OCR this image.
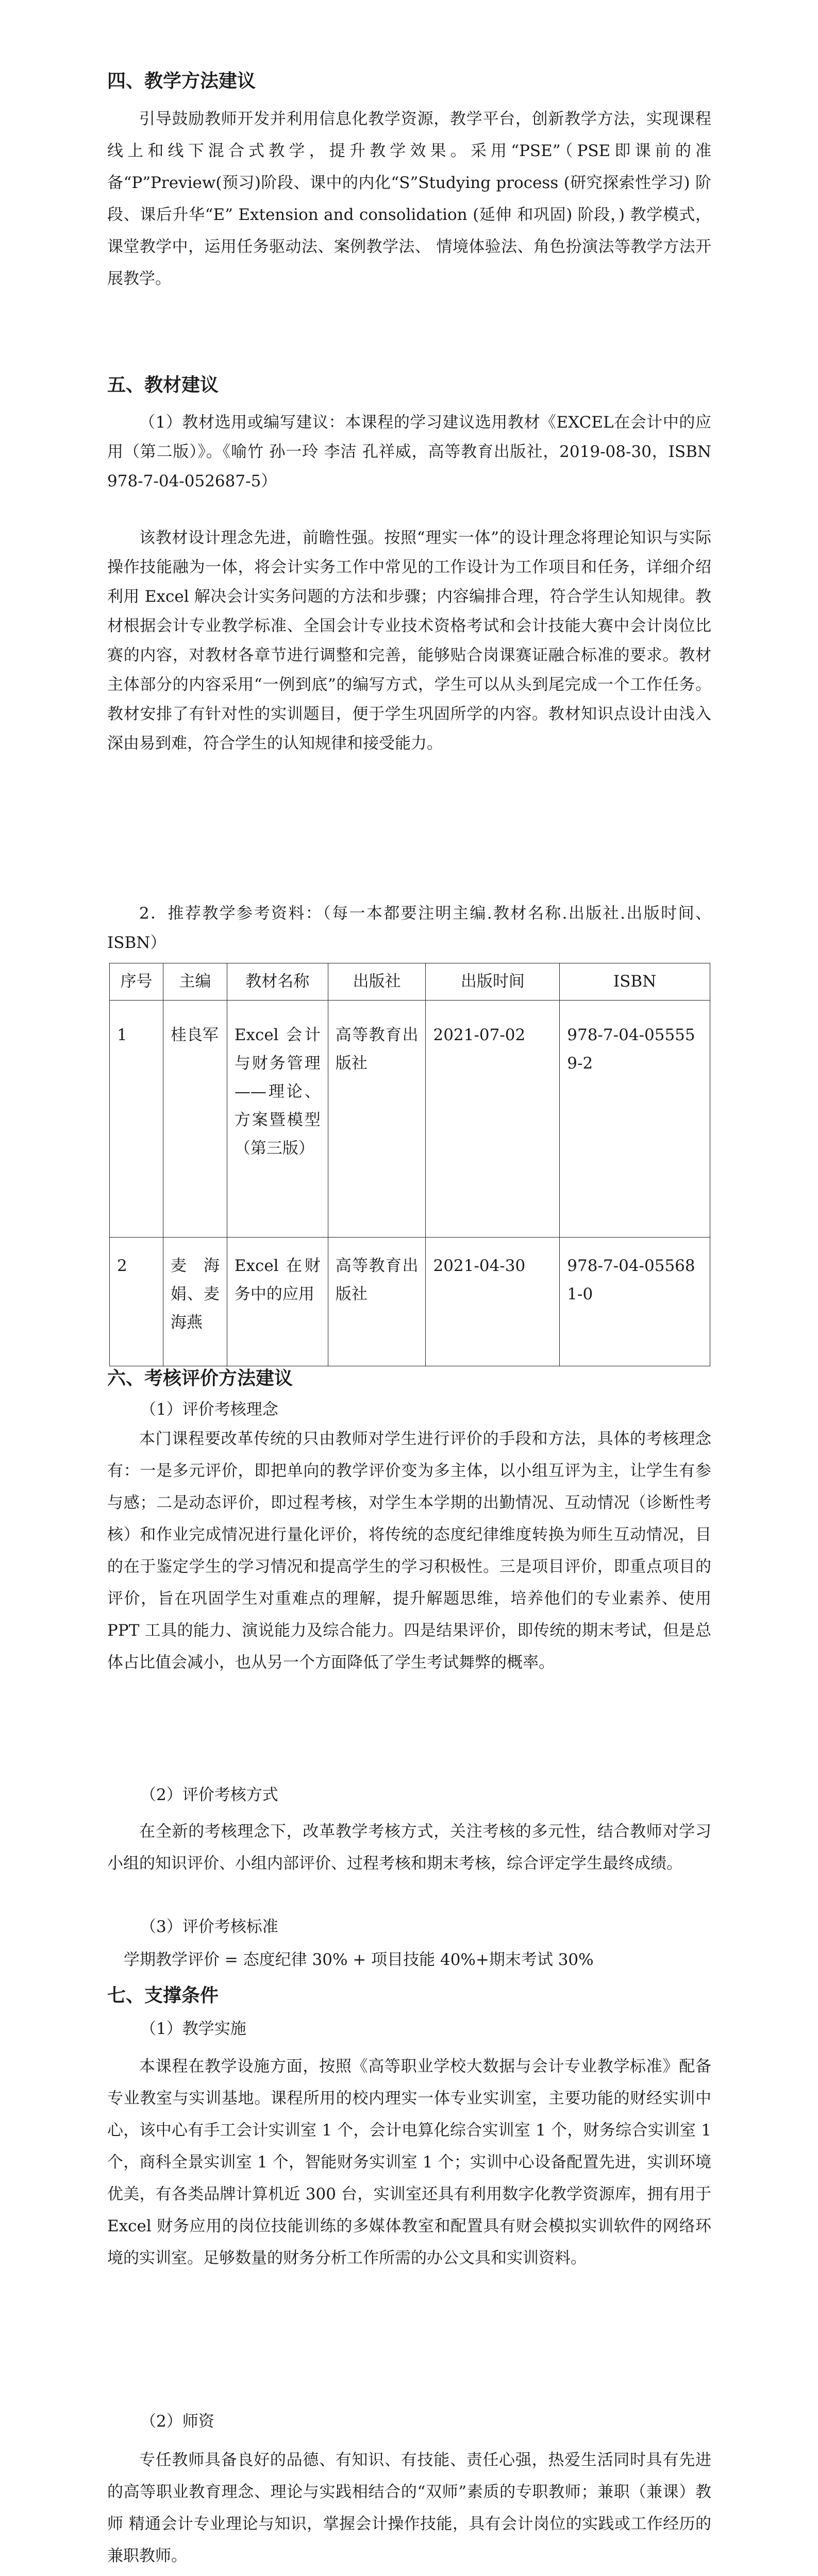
四、教学方法建议

引导鼓励教师开发并利用信息化教学资源，教学平台，创新教学方法，实现课程线上和线下混合式教学，提升教学效果。采用“PSE”（PSE即课前的准备“P”Preview(预习)阶段、课中的内化“S”Studying process (研究探索性学习) 阶段、课后升华“E” Extension and consolidation (延伸 和巩固) 阶段，) 教学模式，课堂教学中，运用任务驱动法、案例教学法、 情境体验法、角色扮演法等教学方法开展教学。

五、教材建议

（1）教材选用或编写建议：本课程的学习建议选用教材《EXCEL在会计中的应用（第二版）》。《喻竹 孙一玲 李洁 孔祥威，高等教育出版社，2019-08-30，ISBN 978-7-04-052687-5）

该教材设计理念先进，前瞻性强。按照“理实一体”的设计理念将理论知识与实际操作技能融为一体，将会计实务工作中常见的工作设计为工作项目和任务，详细介绍利用 Excel 解决会计实务问题的方法和步骤；内容编排合理，符合学生认知规律。教材根据会计专业教学标准、全国会计专业技术资格考试和会计技能大赛中会计岗位比赛的内容，对教材各章节进行调整和完善，能够贴合岗课赛证融合标准的要求。教材主体部分的内容采用“一例到底”的编写方式，学生可以从头到尾完成一个工作任务。教材安排了有针对性的实训题目，便于学生巩固所学的内容。教材知识点设计由浅入深由易到难，符合学生的认知规律和接受能力。

2．推荐教学参考资料：（每一本都要注明主编.教材名称.出版社.出版时间、ISBN）

序号	主编	教材名称	出版社	出版时间	ISBN
1	桂良军	Excel 会计与财务管理——理论、方案暨模型（第三版）	高等教育出版社	2021-07-02	978-7-04-055559-2
2	麦海娟、麦海燕	Excel 在财务中的应用	高等教育出版社	2021-04-30	978-7-04-055681-0
六、考核评价方法建议
（1）评价考核理念

本门课程要改革传统的只由教师对学生进行评价的手段和方法，具体的考核理念有：一是多元评价，即把单向的教学评价变为多主体，以小组互评为主，让学生有参与感；二是动态评价，即过程考核，对学生本学期的出勤情况、互动情况（诊断性考核）和作业完成情况进行量化评价，将传统的态度纪律维度转换为师生互动情况，目的在于鉴定学生的学习情况和提高学生的学习积极性。三是项目评价，即重点项目的评价，旨在巩固学生对重难点的理解，提升解题思维，培养他们的专业素养、使用 PPT 工具的能力、演说能力及综合能力。四是结果评价，即传统的期末考试，但是总体占比值会减小，也从另一个方面降低了学生考试舞弊的概率。

（2）评价考核方式

在全新的考核理念下，改革教学考核方式，关注考核的多元性，结合教师对学习小组的知识评价、小组内部评价、过程考核和期末考核，综合评定学生最终成绩。

（3）评价考核标准
学期教学评价 = 态度纪律 30% + 项目技能 40%+期末考试 30%
七、支撑条件
（1）教学实施

本课程在教学设施方面，按照《高等职业学校大数据与会计专业教学标准》配备专业教室与实训基地。课程所用的校内理实一体专业实训室，主要功能的财经实训中心，该中心有手工会计实训室 1 个，会计电算化综合实训室 1 个，财务综合实训室 1 个，商科全景实训室 1 个，智能财务实训室 1 个；实训中心设备配置先进，实训环境优美，有各类品牌计算机近 300 台，实训室还具有利用数字化教学资源库，拥有用于 Excel 财务应用的岗位技能训练的多媒体教室和配置具有财会模拟实训软件的网络环境的实训室。足够数量的财务分析工作所需的办公文具和实训资料。

（2）师资

专任教师具备良好的品德、有知识、有技能、责任心强，热爱生活同时具有先进的高等职业教育理念、理论与实践相结合的“双师”素质的专职教师；兼职（兼课）教师 精通会计专业理论与知识，掌握会计操作技能，具有会计岗位的实践或工作经历的兼职教师。
